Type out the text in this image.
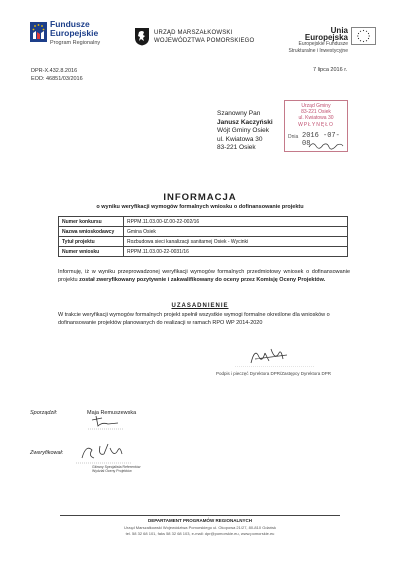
Fundusze
Europejskie
Program Regionalny
URZĄD MARSZAŁKOWSKI
WOJEWÓDZTWA POMORSKIEGO
Unia Europejska
Europejskie Fundusze
Strukturalne i Inwestycyjne
DPR-X.432.8.2016
EOD: 46851/03/2016
7 lipca 2016 r.
Urząd Gminy
83-221 Osiek
ul. Kwiatowa 30
WPŁYNĘŁO
Dnia 2016 -07- 08
Szanowny Pan
Janusz Kaczyński
Wójt Gminy Osiek
ul. Kwiatowa 30
83-221 Osiek
INFORMACJA
o wyniku weryfikacji wymogów formalnych wniosku o dofinansowanie projektu
Numer konkursu	RPPM.11.03.00-IZ.00-22-002/16
Nazwa wnioskodawcy	Gmina Osiek
Tytuł projektu	Rozbudowa sieci kanalizacji sanitarnej Osiek - Wycinki
Numer wniosku	RPPM.11.03.00-22-0031/16
Informuję, iż w wyniku przeprowadzonej weryfikacji wymogów formalnych przedmiotowy wniosek o dofinansowanie projektu został zweryfikowany pozytywnie i zakwalifikowany do oceny przez Komisję Oceny Projektów.
UZASADNIENIE
W trakcie weryfikacji wymogów formalnych projekt spełnił wszystkie wymogi formalne określone dla wniosków o dofinansowanie projektów planowanych do realizacji w ramach RPO WP 2014-2020
Podpis i pieczęć Dyrektora DPR/Zastępcy Dyrektora DPR
Sporządził:	Maja Remuszewska
Zweryfikował:
Główny Specjalista Referentów
Wydział Oceny Projektów
DEPARTAMENT PROGRAMÓW REGIONALNYCH
Urząd Marszałkowski Województwa Pomorskiego ul. Okopowa 21/27, 80-810 Gdańsk
tel. 58 32 68 101, faks 58 32 68 103, e-mail: dpr@pomorskie.eu, www.pomorskie.eu
